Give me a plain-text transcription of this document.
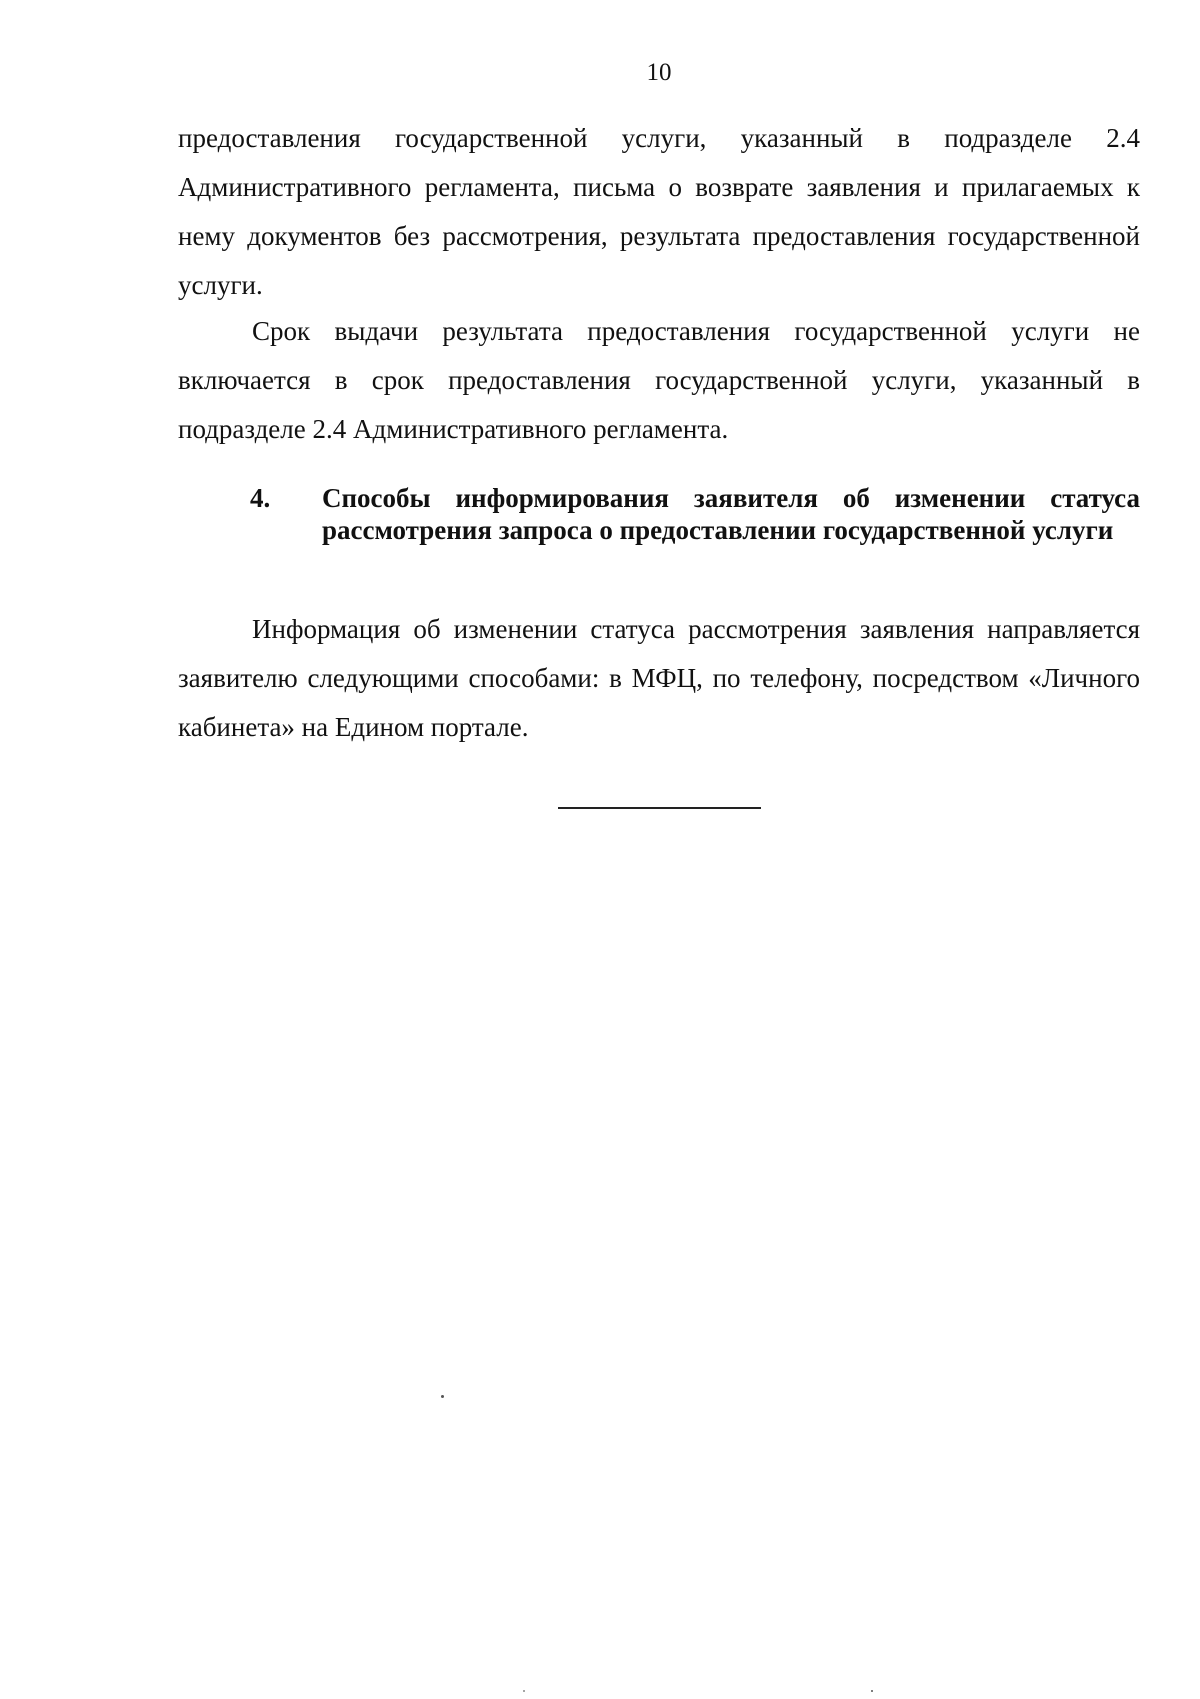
10

предоставления государственной услуги, указанный в подразделе 2.4 Административного регламента, письма о возврате заявления и прилагаемых к нему документов без рассмотрения, результата предоставления государственной услуги.

Срок выдачи результата предоставления государственной услуги не включается в срок предоставления государственной услуги, указанный в подразделе 2.4 Административного регламента.

4.	Способы информирования заявителя об изменении статуса рассмотрения запроса о предоставлении государственной услуги

Информация об изменении статуса рассмотрения заявления направляется заявителю следующими способами: в МФЦ, по телефону, посредством «Личного кабинета» на Едином портале.
